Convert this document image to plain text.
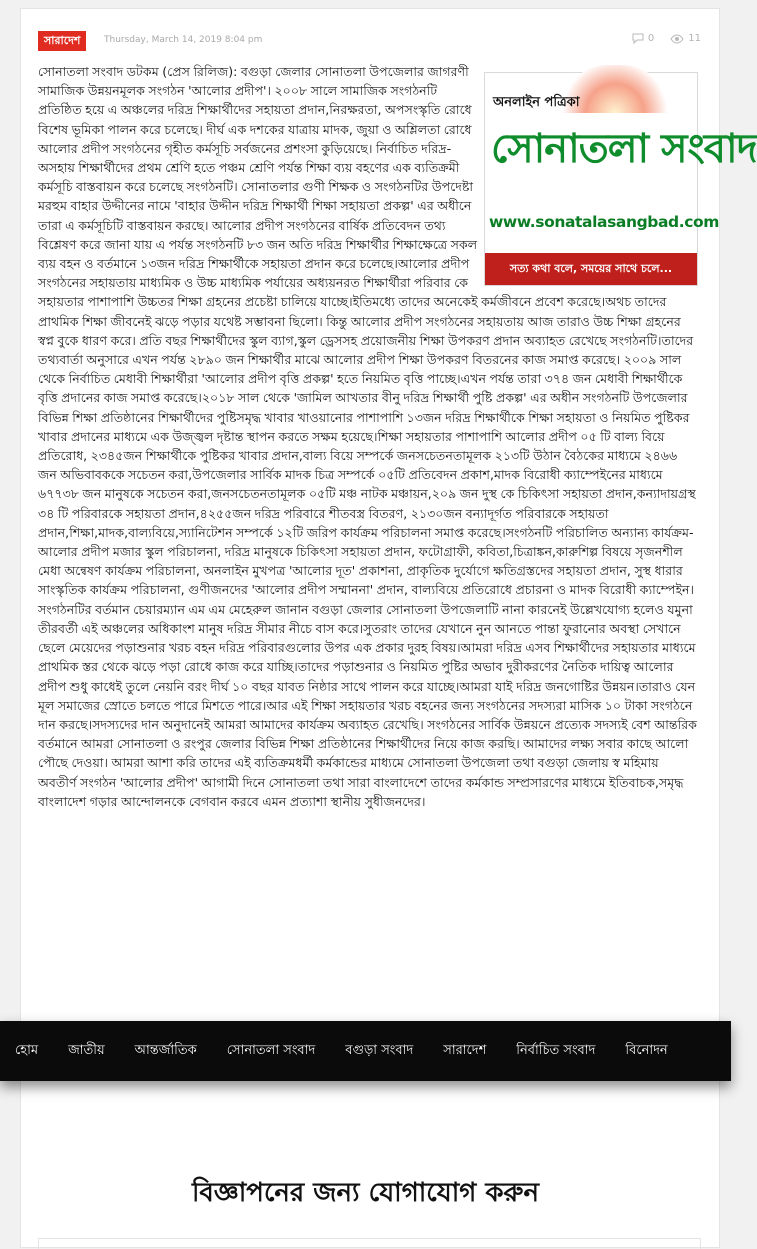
সারাদেশ	Thursday, March 14, 2019 8:04 pm	0	11
অনলাইন পত্রিকা
সোনাতলা সংবাদ
www.sonatalasangbad.com
সত্য কথা বলে, সময়ের সাথে চলে...

সোনাতলা সংবাদ ডটকম (প্রেস রিলিজ): বগুড়া জেলার সোনাতলা উপজেলার জাগরণী সামাজিক উন্নয়নমূলক সংগঠন 'আলোর প্রদীপ'। ২০০৮ সালে সামাজিক সংগঠনটি প্রতিষ্ঠিত হয়ে এ অঞ্চলের দরিদ্র শিক্ষার্থীদের সহায়তা প্রদান,নিরক্ষরতা, অপসংস্কৃতি রোধে বিশেষ ভূমিকা পালন করে চলেছে। দীর্ঘ এক দশকের যাত্রায় মাদক, জুয়া ও অশ্লিলতা রোধে আলোর প্রদীপ সংগঠনের গৃহীত কর্মসূচি সর্বজনের প্রশংসা কুড়িয়েছে। নির্বাচিত দরিদ্র-অসহায় শিক্ষার্থীদের প্রথম শ্রেণি হতে পঞ্চম শ্রেণি পর্যন্ত শিক্ষা ব্যয় বহণের এক ব্যতিক্রমী কর্মসূচি বাস্তবায়ন করে চলেছে সংগঠনটি। সোনাতলার গুণী শিক্ষক ও সংগঠনটির উপদেষ্টা মরহুম বাহার উদ্দীনের নামে 'বাহার উদ্দীন দরিদ্র শিক্ষার্থী শিক্ষা সহায়তা প্রকল্প' এর অধীনে তারা এ কর্মসূচিটি বাস্তবায়ন করছে। আলোর প্রদীপ সংগঠনের বার্ষিক প্রতিবেদন তথ্য বিশ্লেষণ করে জানা যায় এ পর্যন্ত সংগঠনটি ৮৩ জন অতি দরিদ্র শিক্ষার্থীর শিক্ষাক্ষেত্রে সকল ব্যয় বহন ও বর্তমানে ১৩জন দরিদ্র শিক্ষার্থীকে সহায়তা প্রদান করে চলেছে।আলোর প্রদীপ সংগঠনের সহায়তায় মাধ্যমিক ও উচ্চ মাধ্যমিক পর্যায়ের অধ্যয়নরত শিক্ষার্থীরা পরিবার কে সহায়তার পাশাপাশি উচ্চতর শিক্ষা গ্রহনের প্রচেষ্টা চালিয়ে যাচ্ছে।ইতিমধ্যে তাদের অনেকেই কর্মজীবনে প্রবেশ করেছে।অথচ তাদের প্রাথমিক শিক্ষা জীবনেই ঝড়ে পড়ার যথেষ্ট সম্ভাবনা ছিলো। কিন্তু আলোর প্রদীপ সংগঠনের সহায়তায় আজ তারাও উচ্চ শিক্ষা গ্রহনের স্বপ্ন বুকে ধারণ করে। প্রতি বছর শিক্ষার্থীদের স্কুল ব্যাগ,স্কুল ড্রেসসহ প্রয়োজনীয় শিক্ষা উপকরণ প্রদান অব্যাহত রেখেছে সংগঠনটি।তাদের তথ্যবার্তা অনুসারে এখন পর্যন্ত ২৮৯০ জন শিক্ষার্থীর মাঝে আলোর প্রদীপ শিক্ষা উপকরণ বিতরনের কাজ সমাপ্ত করেছে। ২০০৯ সাল থেকে নির্বাচিত মেধাবী শিক্ষার্থীরা 'আলোর প্রদীপ বৃত্তি প্রকল্প' হতে নিয়মিত বৃত্তি পাচ্ছে।এখন পর্যন্ত তারা ৩৭৪ জন মেধাবী শিক্ষার্থীকে বৃত্তি প্রদানের কাজ সমাপ্ত করেছে।২০১৮ সাল থেকে 'জামিল আখতার বীনু দরিদ্র শিক্ষার্থী পুষ্টি প্রকল্প' এর অধীন সংগঠনটি উপজেলার বিভিন্ন শিক্ষা প্রতিষ্ঠানের শিক্ষার্থীদের পুষ্টিসমৃদ্ধ খাবার খাওয়ানোর পাশাপাশি ১৩জন দরিদ্র শিক্ষার্থীকে শিক্ষা সহায়তা ও নিয়মিত পুষ্টিকর খাবার প্রদানের মাধ্যমে এক উজ্জ্বল দৃষ্টান্ত স্থাপন করতে সক্ষম হয়েছে।শিক্ষা সহায়তার পাশাপাশি আলোর প্রদীপ ০৫ টি বাল্য বিয়ে প্রতিরোধ, ২৩৪৫জন শিক্ষার্থীকে পুষ্টিকর খাবার প্রদান,বাল্য বিয়ে সম্পর্কে জনসচেতনতামূলক ২১৩টি উঠান বৈঠকের মাধ্যমে ২৪৬৬ জন অভিবাবককে সচেতন করা,উপজেলার সার্বিক মাদক চিত্র সম্পর্কে ০৫টি প্রতিবেদন প্রকাশ,মাদক বিরোধী ক্যাম্পেইনের মাধ্যমে ৬৭৭৩৮ জন মানুষকে সচেতন করা,জনসচেতনতামূলক ০৫টি মঞ্চ নাটক মঞ্চায়ন,২০৯ জন দুস্থ কে চিকিৎসা সহায়তা প্রদান,কন্যাদায়গ্রস্থ ৩৪ টি পরিবারকে সহায়তা প্রদান,৪২৫৫জন দরিদ্র পরিবারে শীতবস্ত্র বিতরণ, ২১৩০জন বন্যাদূর্গত পরিবারকে সহায়তা প্রদান,শিক্ষা,মাদক,বাল্যবিয়ে,স্যানিটেশন সম্পর্কে ১২টি জরিপ কার্যক্রম পরিচালনা সমাপ্ত করেছে।সংগঠনটি পরিচালিত অন্যান্য কার্যক্রম- আলোর প্রদীপ মজার স্কুল পরিচালনা, দরিদ্র মানুষকে চিকিৎসা সহায়তা প্রদান, ফটোগ্রাফী, কবিতা,চিত্রাঙ্কন,কারুশিল্প বিষয়ে সৃজনশীল মেধা অন্বেষণ কার্যক্রম পরিচালনা, অনলাইন মুখপত্র 'আলোর দূত' প্রকাশনা, প্রাকৃতিক দুর্যোগে ক্ষতিগ্রস্তদের সহায়তা প্রদান, সুস্থ ধারার সাংস্কৃতিক কার্যক্রম পরিচালনা, গুণীজনদের 'আলোর প্রদীপ সম্মাননা' প্রদান, বাল্যবিয়ে প্রতিরোধে প্রচারনা ও মাদক বিরোধী ক্যাম্পেইন।সংগঠনটির বর্তমান চেয়ারম্যান এম এম মেহেরুল জানান বগুড়া জেলার সোনাতলা উপজেলাটি নানা কারনেই উল্লেখযোগ্য হলেও যমুনা তীরবর্তী এই অঞ্চলের অধিকাংশ মানুষ দরিদ্র সীমার নীচে বাস করে।সুতরাং তাদের যেখানে নুন আনতে পান্তা ফুরানোর অবস্থা সেখানে ছেলে মেয়েদের পড়াশুনার খরচ বহন দরিদ্র পরিবারগুলোর উপর এক প্রকার দুরহ বিষয়।আমরা দরিদ্র এসব শিক্ষার্থীদের সহায়তার মাধ্যমে প্রাথমিক স্তর থেকে ঝড়ে পড়া রোধে কাজ করে যাচ্ছি।তাদের পড়াশুনার ও নিয়মিত পুষ্টির অভাব দুরীকরণের নৈতিক দায়িত্ব আলোর প্রদীপ শুধু কাধেই তুলে নেয়নি বরং দীর্ঘ ১০ বছর যাবত নিষ্ঠার সাথে পালন করে যাচ্ছে।আমরা যাই দরিদ্র জনগোষ্টির উন্নয়ন।তারাও যেন মূল সমাজের স্রোতে চলতে পারে মিশতে পারে।আর এই শিক্ষা সহায়তার খরচ বহনের জন্য সংগঠনের সদস্যরা মাসিক ১০ টাকা সংগঠনে দান করছে।সদস্যদের দান অনুদানেই আমরা আমাদের কার্যক্রম অব্যাহত রেখেছি। সংগঠনের সার্বিক উন্নয়নে প্রত্যেক সদস্যই বেশ আন্তরিক বর্তমানে আমরা সোনাতলা ও রংপুর জেলার বিভিন্ন শিক্ষা প্রতিষ্ঠানের শিক্ষার্থীদের নিয়ে কাজ করছি। আমাদের লক্ষ্য সবার কাছে আলো পৌছে দেওয়া। আমরা আশা করি তাদের এই ব্যতিক্রমধর্মী কর্মকান্ডের মাধ্যমে সোনাতলা উপজেলা তথা বগুড়া জেলায় স্ব মহিমায় অবতীর্ণ সংগঠন 'আলোর প্রদীপ' আগামী দিনে সোনাতলা তথা সারা বাংলাদেশে তাদের কর্মকান্ড সম্প্রসারণের মাধ্যমে ইতিবাচক,সমৃদ্ধ বাংলাদেশ গড়ার আন্দোলনকে বেগবান করবে এমন প্রত্যাশা স্থানীয় সুধীজনদের।

হোম	জাতীয়	আন্তর্জাতিক	সোনাতলা সংবাদ	বগুড়া সংবাদ	সারাদেশ	নির্বাচিত সংবাদ	বিনোদন
বিজ্ঞাপনের জন্য যোগাযোগ করুন
